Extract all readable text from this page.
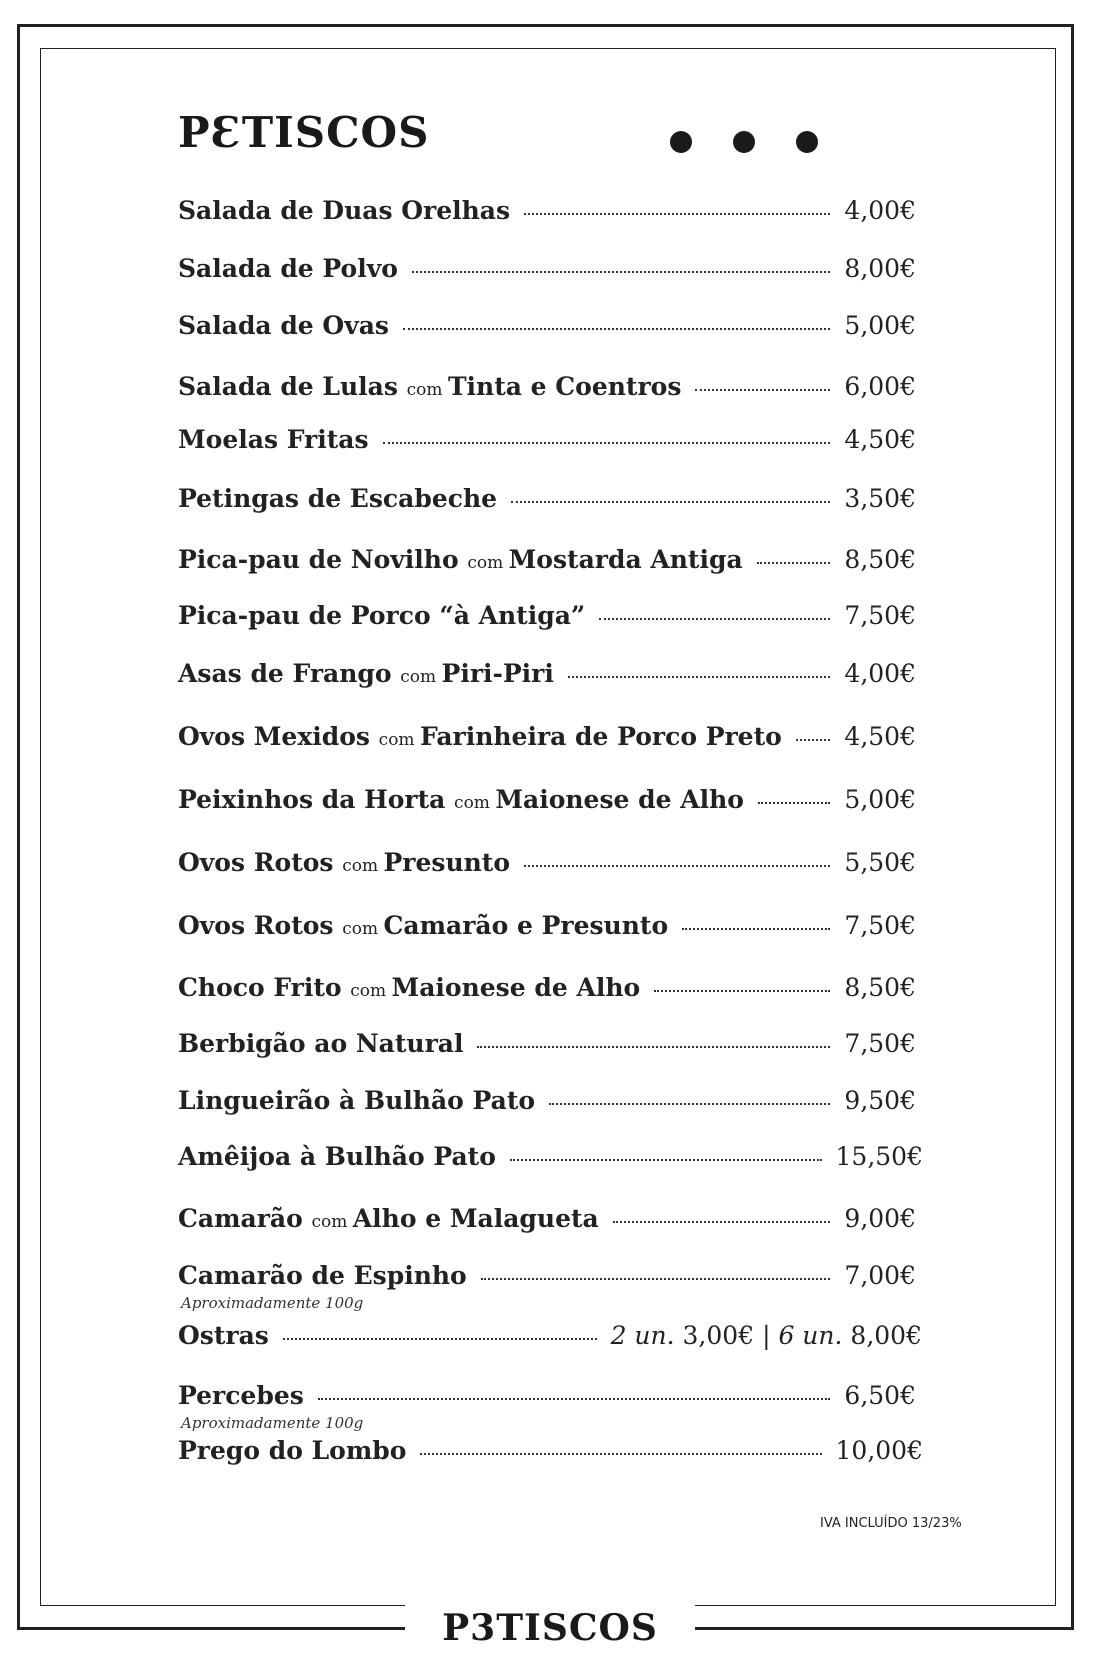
PƐTISCOS
Salada de Duas Orelhas	4,00€
Salada de Polvo	8,00€
Salada de Ovas	5,00€
Salada de Lulas com Tinta e Coentros	6,00€
Moelas Fritas	4,50€
Petingas de Escabeche	3,50€
Pica-pau de Novilho com Mostarda Antiga	8,50€
Pica-pau de Porco “à Antiga”	7,50€
Asas de Frango com Piri-Piri	4,00€
Ovos Mexidos com Farinheira de Porco Preto	4,50€
Peixinhos da Horta com Maionese de Alho	5,00€
Ovos Rotos com Presunto	5,50€
Ovos Rotos com Camarão e Presunto	7,50€
Choco Frito com Maionese de Alho	8,50€
Berbigão ao Natural	7,50€
Lingueirão à Bulhão Pato	9,50€
Amêijoa à Bulhão Pato	15,50€
Camarão com Alho e Malagueta	9,00€
Camarão de Espinho	7,00€
Aproximadamente 100g
Ostras	2 un. 3,00€ | 6 un. 8,00€
Percebes	6,50€
Aproximadamente 100g
Prego do Lombo	10,00€
IVA INCLUÍDO 13/23%
P3TISCOS
